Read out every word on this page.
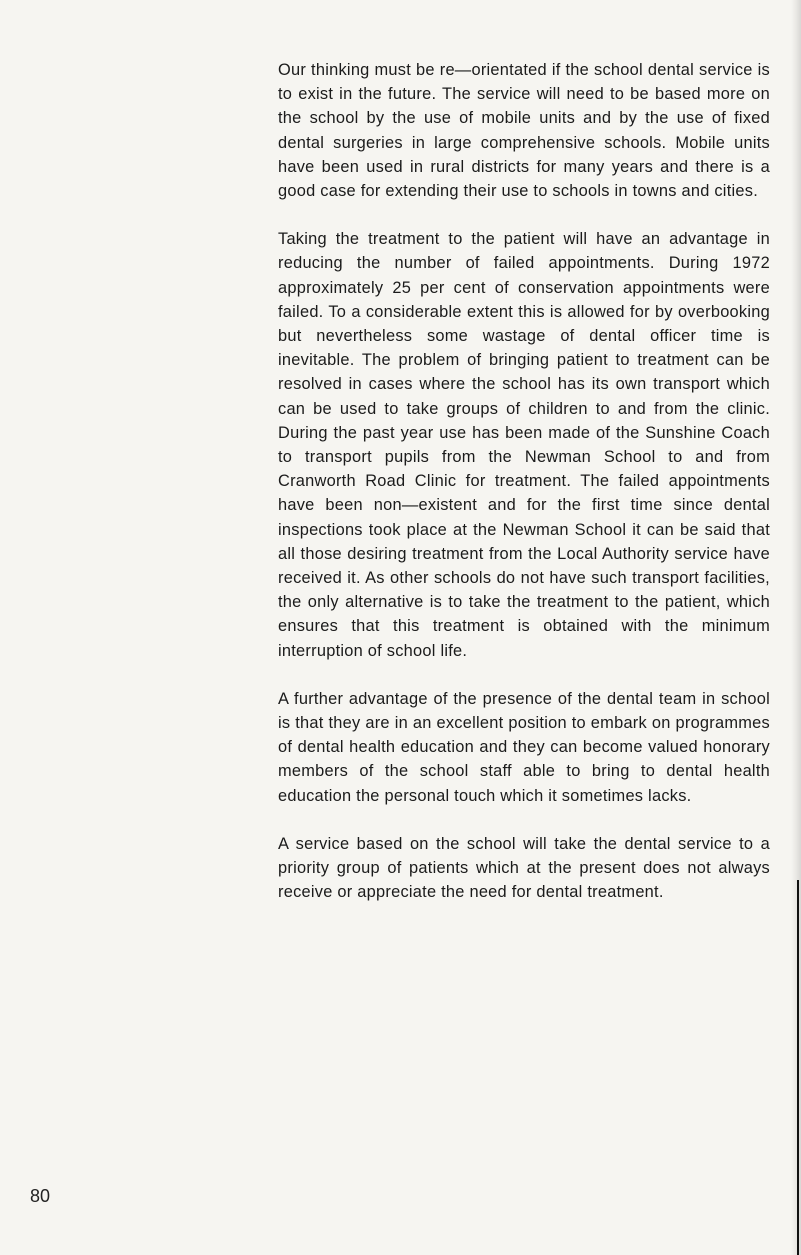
Our thinking must be re—orientated if the school dental service is to exist in the future. The service will need to be based more on the school by the use of mobile units and by the use of fixed dental surgeries in large comprehensive schools. Mobile units have been used in rural districts for many years and there is a good case for extending their use to schools in towns and cities.

Taking the treatment to the patient will have an advantage in reducing the number of failed appointments. During 1972 approximately 25 per cent of conservation appointments were failed. To a considerable extent this is allowed for by overbooking but nevertheless some wastage of dental officer time is inevitable. The problem of bringing patient to treatment can be resolved in cases where the school has its own transport which can be used to take groups of children to and from the clinic. During the past year use has been made of the Sunshine Coach to transport pupils from the Newman School to and from Cranworth Road Clinic for treatment. The failed appointments have been non—existent and for the first time since dental inspections took place at the Newman School it can be said that all those desiring treatment from the Local Authority service have received it. As other schools do not have such transport facilities, the only alternative is to take the treatment to the patient, which ensures that this treatment is obtained with the minimum interruption of school life.

A further advantage of the presence of the dental team in school is that they are in an excellent position to embark on programmes of dental health education and they can become valued honorary members of the school staff able to bring to dental health education the personal touch which it sometimes lacks.

A service based on the school will take the dental service to a priority group of patients which at the present does not always receive or appreciate the need for dental treatment.

80
